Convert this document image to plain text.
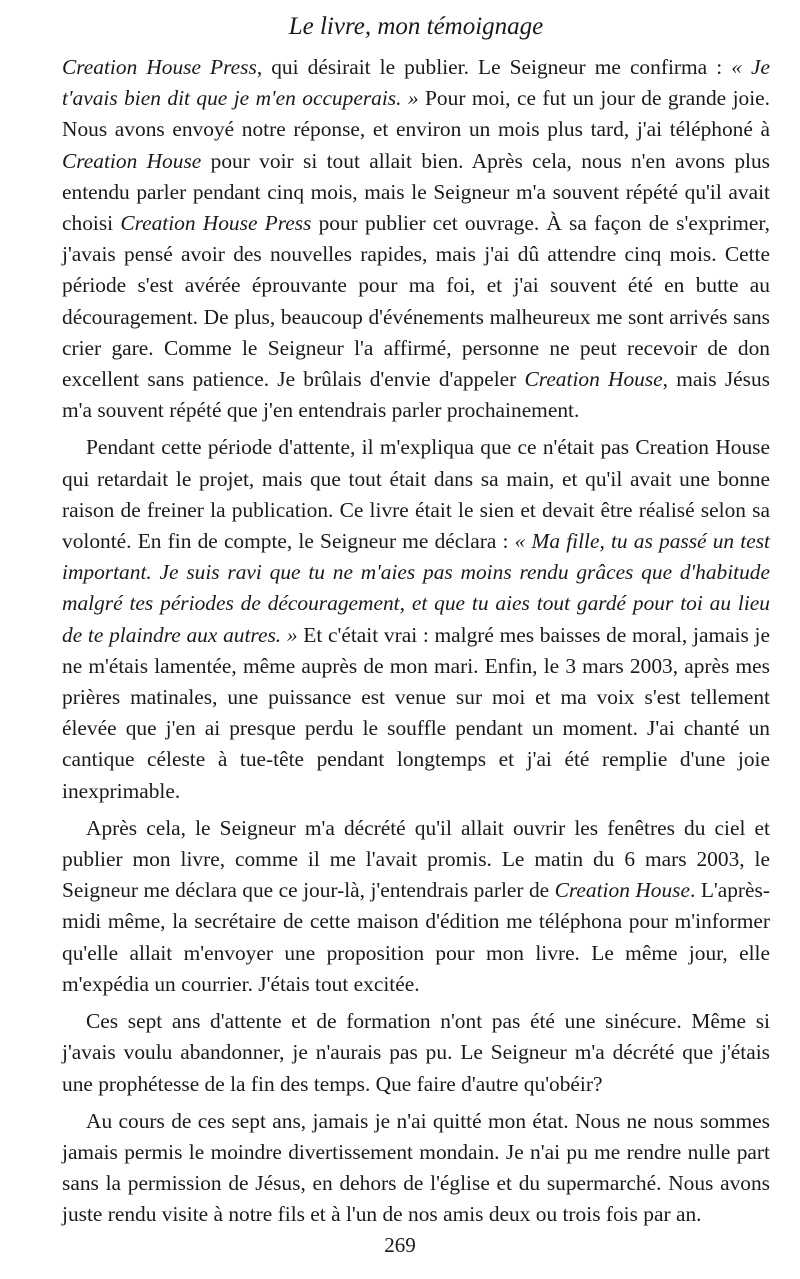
Le livre, mon témoignage

Creation House Press, qui désirait le publier. Le Seigneur me confirma : « Je t'avais bien dit que je m'en occuperais. » Pour moi, ce fut un jour de grande joie. Nous avons envoyé notre réponse, et environ un mois plus tard, j'ai téléphoné à Creation House pour voir si tout allait bien. Après cela, nous n'en avons plus entendu parler pendant cinq mois, mais le Seigneur m'a souvent répété qu'il avait choisi Creation House Press pour publier cet ouvrage. À sa façon de s'exprimer, j'avais pensé avoir des nouvelles rapides, mais j'ai dû attendre cinq mois. Cette période s'est avérée éprouvante pour ma foi, et j'ai souvent été en butte au découragement. De plus, beaucoup d'événements malheureux me sont arrivés sans crier gare. Comme le Seigneur l'a affirmé, personne ne peut recevoir de don excellent sans patience. Je brûlais d'envie d'appeler Creation House, mais Jésus m'a souvent répété que j'en entendrais parler prochainement.

Pendant cette période d'attente, il m'expliqua que ce n'était pas Creation House qui retardait le projet, mais que tout était dans sa main, et qu'il avait une bonne raison de freiner la publication. Ce livre était le sien et devait être réalisé selon sa volonté. En fin de compte, le Seigneur me déclara : « Ma fille, tu as passé un test important. Je suis ravi que tu ne m'aies pas moins rendu grâces que d'habitude malgré tes périodes de découragement, et que tu aies tout gardé pour toi au lieu de te plaindre aux autres. » Et c'était vrai : malgré mes baisses de moral, jamais je ne m'étais lamentée, même auprès de mon mari. Enfin, le 3 mars 2003, après mes prières matinales, une puissance est venue sur moi et ma voix s'est tellement élevée que j'en ai presque perdu le souffle pendant un moment. J'ai chanté un cantique céleste à tue-tête pendant longtemps et j'ai été remplie d'une joie inexprimable.

Après cela, le Seigneur m'a décrété qu'il allait ouvrir les fenêtres du ciel et publier mon livre, comme il me l'avait promis. Le matin du 6 mars 2003, le Seigneur me déclara que ce jour-là, j'entendrais parler de Creation House. L'après-midi même, la secrétaire de cette maison d'édition me téléphona pour m'informer qu'elle allait m'envoyer une proposition pour mon livre. Le même jour, elle m'expédia un courrier. J'étais tout excitée.

Ces sept ans d'attente et de formation n'ont pas été une sinécure. Même si j'avais voulu abandonner, je n'aurais pas pu. Le Seigneur m'a décrété que j'étais une prophétesse de la fin des temps. Que faire d'autre qu'obéir?

Au cours de ces sept ans, jamais je n'ai quitté mon état. Nous ne nous sommes jamais permis le moindre divertissement mondain. Je n'ai pu me rendre nulle part sans la permission de Jésus, en dehors de l'église et du supermarché. Nous avons juste rendu visite à notre fils et à l'un de nos amis deux ou trois fois par an.

269
